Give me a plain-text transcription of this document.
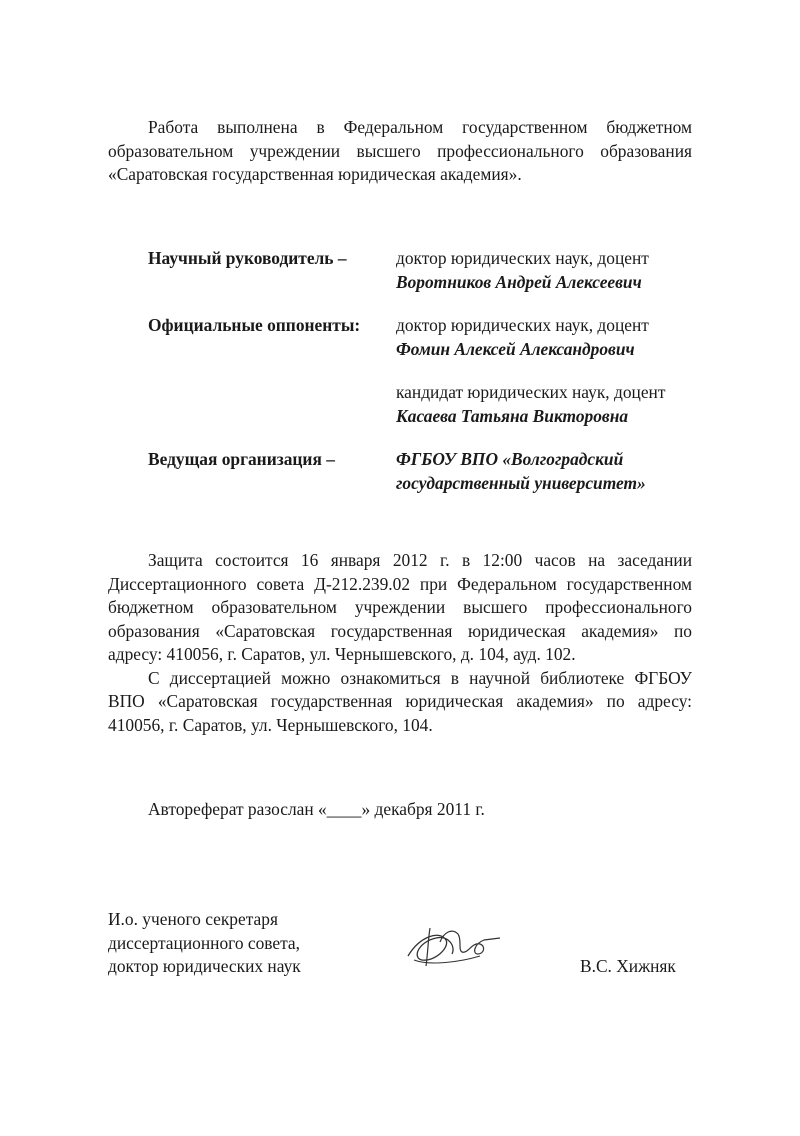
Работа выполнена в Федеральном государственном бюджетном образовательном учреждении высшего профессионального образования «Саратовская государственная юридическая академия».

Научный руководитель –	доктор юридических наук, доцент
Воротников Андрей Алексеевич
Официальные оппоненты:	доктор юридических наук, доцент
Фомин Алексей Александрович
кандидат юридических наук, доцент
Касаева Татьяна Викторовна
Ведущая организация –	ФГБОУ ВПО «Волгоградский
государственный университет»

Защита состоится 16 января 2012 г. в 12:00 часов на заседании Диссертационного совета Д-212.239.02 при Федеральном государственном бюджетном образовательном учреждении высшего профессионального образования «Саратовская государственная юридическая академия» по адресу: 410056, г. Саратов, ул. Чернышевского, д. 104, ауд. 102.

С диссертацией можно ознакомиться в научной библиотеке ФГБОУ ВПО «Саратовская государственная юридическая академия» по адресу: 410056, г. Саратов, ул. Чернышевского, 104.

Автореферат разослан «____» декабря 2011 г.

И.о. ученого секретаря
диссертационного совета,
доктор юридических наук	В.С. Хижняк
